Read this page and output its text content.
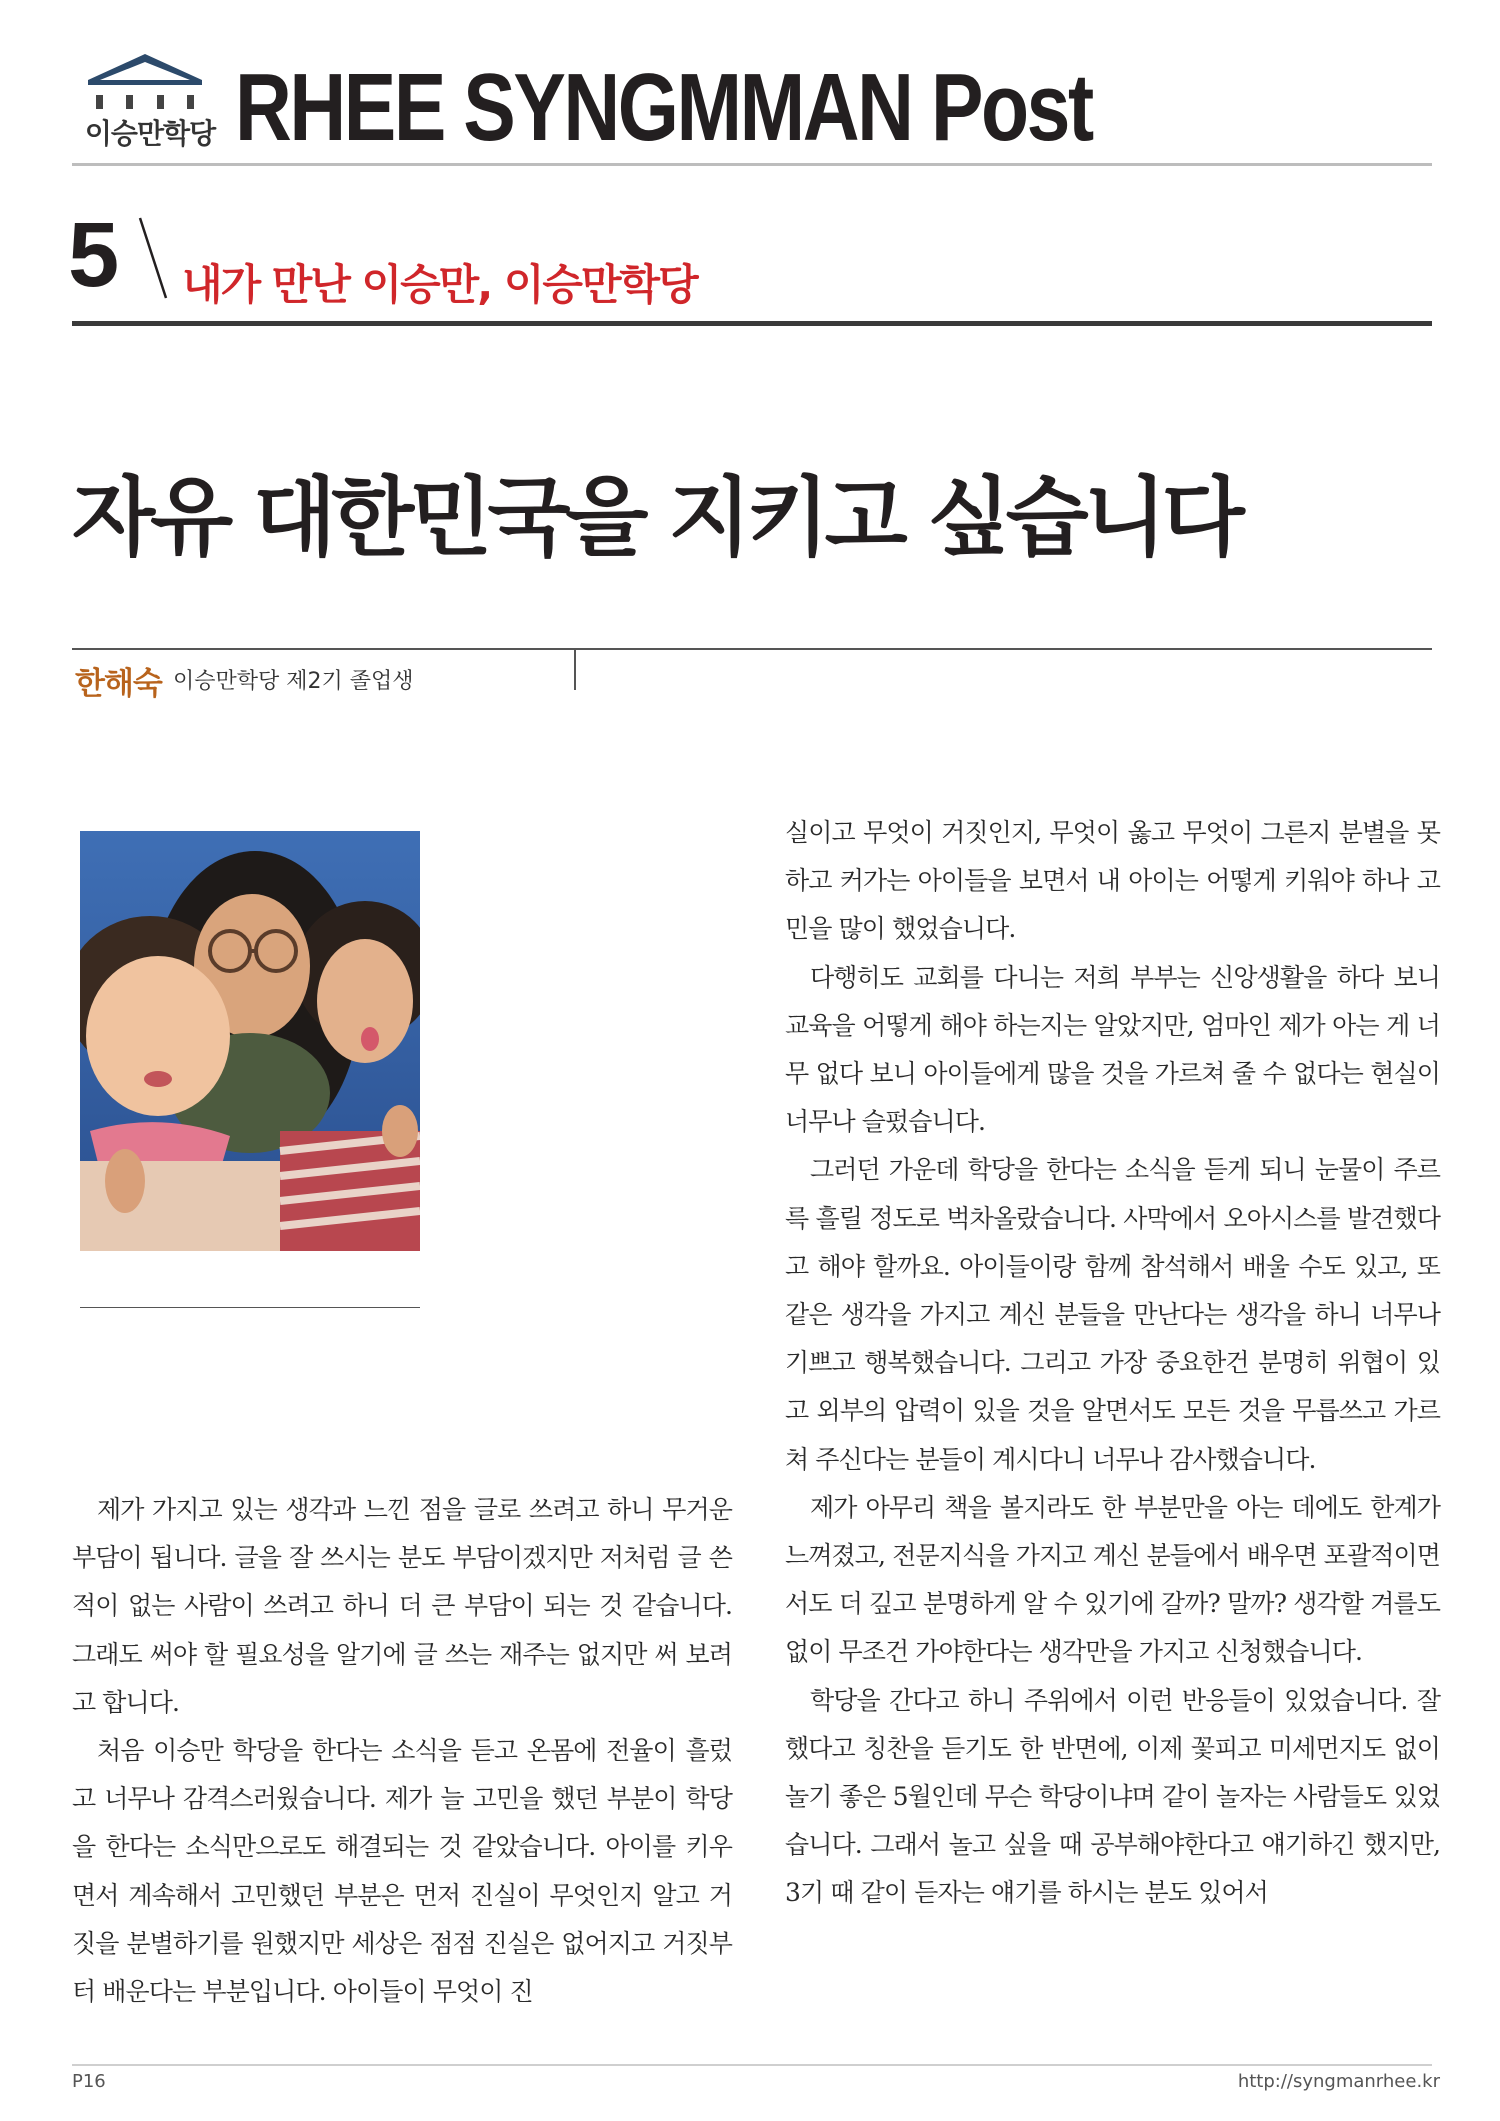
이승만학당 RHEE SYNGMMAN Post
5 내가 만난 이승만, 이승만학당
자유 대한민국을 지키고 싶습니다
한해숙 이승만학당 제2기 졸업생

제가 가지고 있는 생각과 느낀 점을 글로 쓰려고 하니 무거운 부담이 됩니다. 글을 잘 쓰시는 분도 부담이겠지만 저처럼 글 쓴 적이 없는 사람이 쓰려고 하니 더 큰 부담이 되는 것 같습니다. 그래도 써야 할 필요성을 알기에 글 쓰는 재주는 없지만 써 보려고 합니다.

처음 이승만 학당을 한다는 소식을 듣고 온몸에 전율이 흘렀고 너무나 감격스러웠습니다. 제가 늘 고민을 했던 부분이 학당을 한다는 소식만으로도 해결되는 것 같았습니다. 아이를 키우면서 계속해서 고민했던 부분은 먼저 진실이 무엇인지 알고 거짓을 분별하기를 원했지만 세상은 점점 진실은 없어지고 거짓부터 배운다는 부분입니다. 아이들이 무엇이 진

실이고 무엇이 거짓인지, 무엇이 옳고 무엇이 그른지 분별을 못하고 커가는 아이들을 보면서 내 아이는 어떻게 키워야 하나 고민을 많이 했었습니다.

다행히도 교회를 다니는 저희 부부는 신앙생활을 하다 보니 교육을 어떻게 해야 하는지는 알았지만, 엄마인 제가 아는 게 너무 없다 보니 아이들에게 많을 것을 가르쳐 줄 수 없다는 현실이 너무나 슬펐습니다.

그러던 가운데 학당을 한다는 소식을 듣게 되니 눈물이 주르륵 흘릴 정도로 벅차올랐습니다. 사막에서 오아시스를 발견했다고 해야 할까요. 아이들이랑 함께 참석해서 배울 수도 있고, 또 같은 생각을 가지고 계신 분들을 만난다는 생각을 하니 너무나 기쁘고 행복했습니다. 그리고 가장 중요한건 분명히 위협이 있고 외부의 압력이 있을 것을 알면서도 모든 것을 무릅쓰고 가르쳐 주신다는 분들이 계시다니 너무나 감사했습니다.

제가 아무리 책을 볼지라도 한 부분만을 아는 데에도 한계가 느껴졌고, 전문지식을 가지고 계신 분들에서 배우면 포괄적이면서도 더 깊고 분명하게 알 수 있기에 갈까? 말까? 생각할 겨를도 없이 무조건 가야한다는 생각만을 가지고 신청했습니다.

학당을 간다고 하니 주위에서 이런 반응들이 있었습니다. 잘했다고 칭찬을 듣기도 한 반면에, 이제 꽃피고 미세먼지도 없이 놀기 좋은 5월인데 무슨 학당이냐며 같이 놀자는 사람들도 있었습니다. 그래서 놀고 싶을 때 공부해야한다고 얘기하긴 했지만, 3기 때 같이 듣자는 얘기를 하시는 분도 있어서

P16	http://syngmanrhee.kr
